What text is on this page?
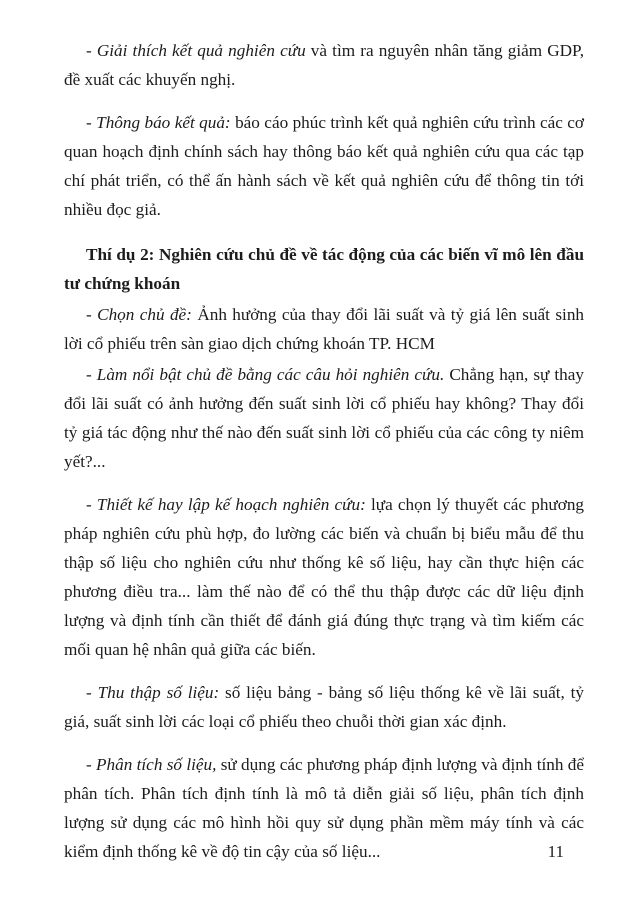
- Giải thích kết quả nghiên cứu và tìm ra nguyên nhân tăng giảm GDP, đề xuất các khuyến nghị.

- Thông báo kết quả: báo cáo phúc trình kết quả nghiên cứu trình các cơ quan hoạch định chính sách hay thông báo kết quả nghiên cứu qua các tạp chí phát triển, có thể ấn hành sách về kết quả nghiên cứu để thông tin tới nhiều đọc giả.

Thí dụ 2: Nghiên cứu chủ đề về tác động của các biến vĩ mô lên đầu tư chứng khoán

- Chọn chủ đề: Ảnh hưởng của thay đổi lãi suất và tỷ giá lên suất sinh lời cổ phiếu trên sàn giao dịch chứng khoán TP. HCM

- Làm nổi bật chủ đề bằng các câu hỏi nghiên cứu. Chẳng hạn, sự thay đổi lãi suất có ảnh hưởng đến suất sinh lời cổ phiếu hay không? Thay đổi tỷ giá tác động như thế nào đến suất sinh lời cổ phiếu của các công ty niêm yết?...

- Thiết kế hay lập kế hoạch nghiên cứu: lựa chọn lý thuyết các phương pháp nghiên cứu phù hợp, đo lường các biến và chuẩn bị biểu mẫu để thu thập số liệu cho nghiên cứu như thống kê số liệu, hay cần thực hiện các phương điều tra... làm thế nào để có thể thu thập được các dữ liệu định lượng và định tính cần thiết để đánh giá đúng thực trạng và tìm kiếm các mối quan hệ nhân quả giữa các biến.

- Thu thập số liệu: số liệu bảng - bảng số liệu thống kê về lãi suất, tỷ giá, suất sinh lời các loại cổ phiếu theo chuỗi thời gian xác định.

- Phân tích số liệu, sử dụng các phương pháp định lượng và định tính để phân tích. Phân tích định tính là mô tả diễn giải số liệu, phân tích định lượng sử dụng các mô hình hồi quy sử dụng phần mềm máy tính và các kiểm định thống kê về độ tin cậy của số liệu...	11
